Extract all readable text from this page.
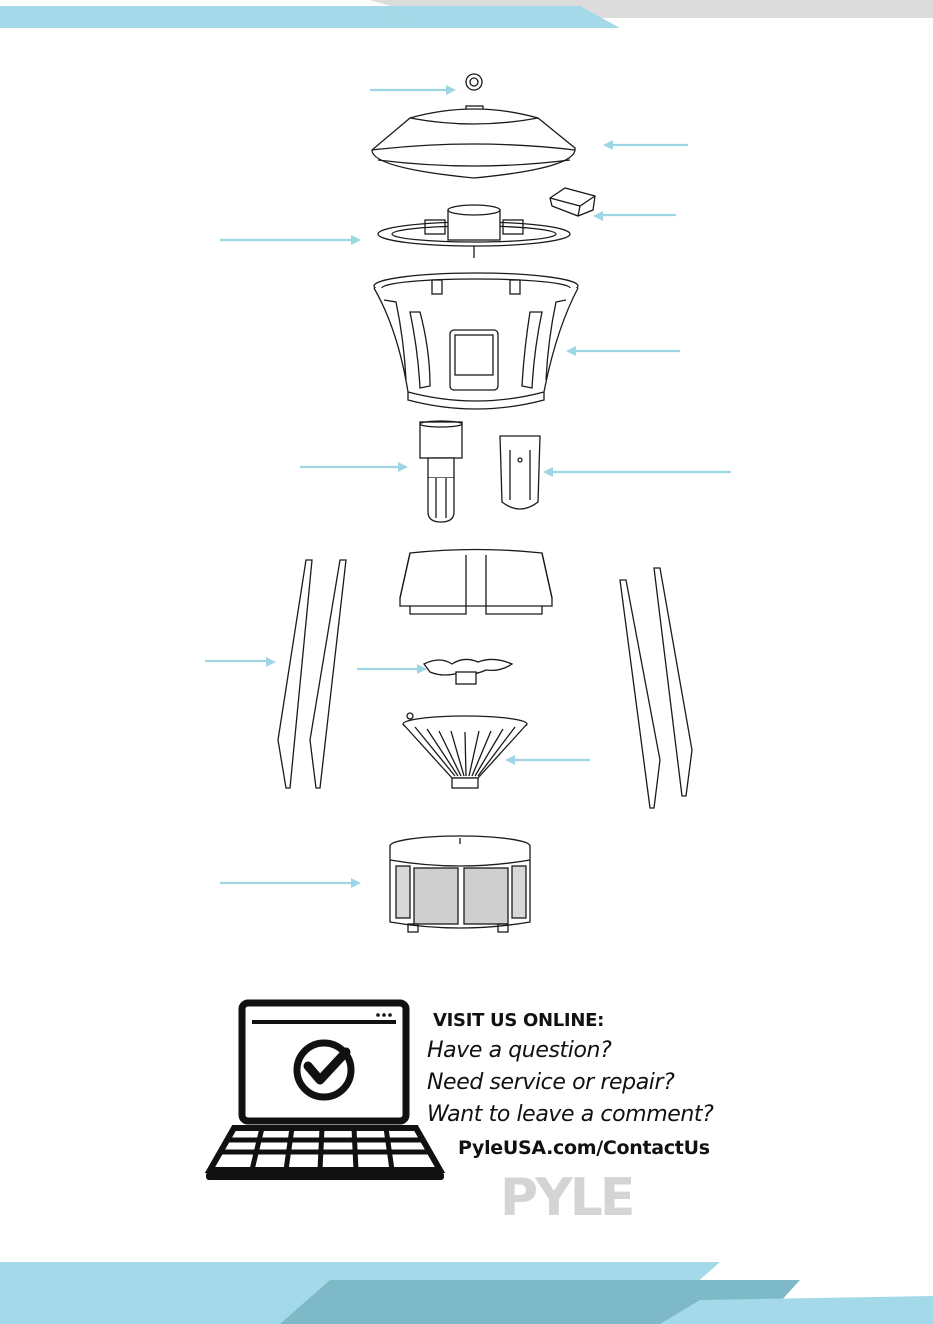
VISIT US ONLINE:
Have a question?
Need service or repair?
Want to leave a comment?
PyleUSA.com/ContactUs
PYLE
